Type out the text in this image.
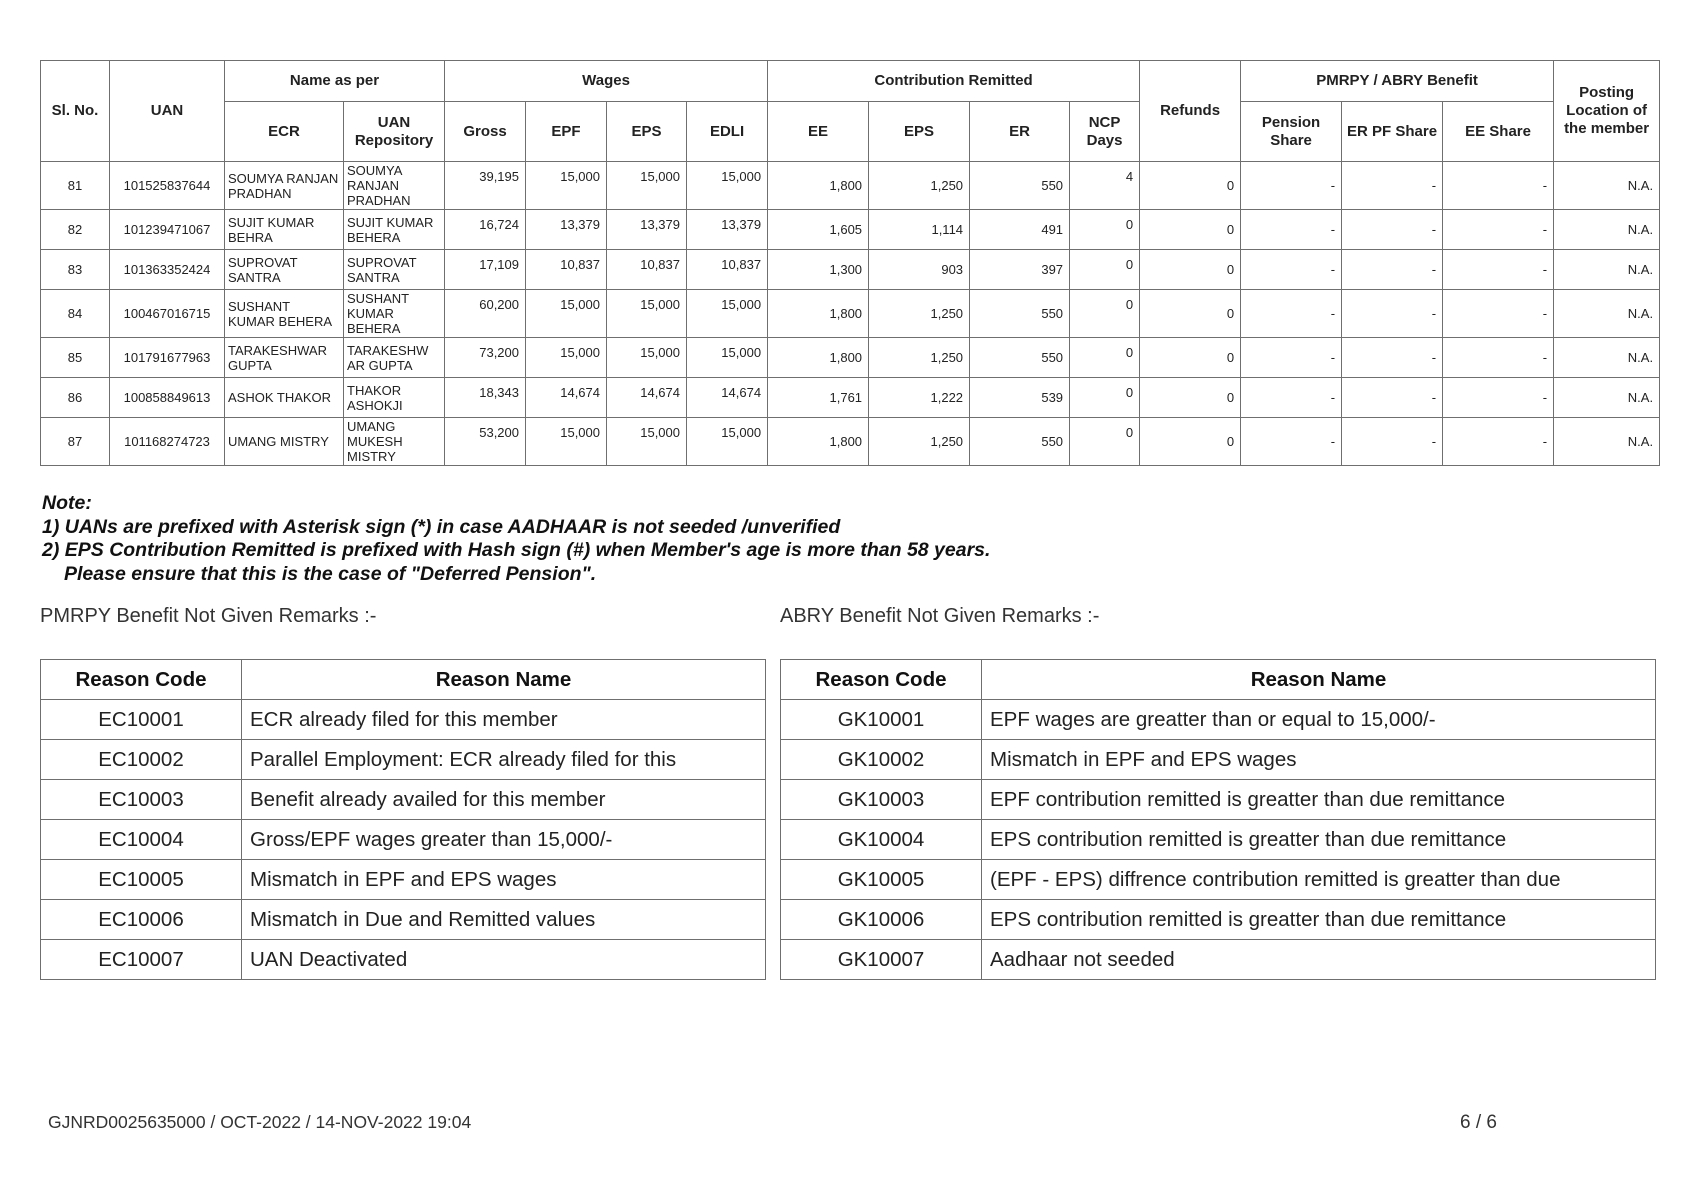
Sl. No.	UAN	Name as per		Wages				Contribution Remitted				Refunds	PMRPY / ABRY Benefit			Posting Location of the member
		ECR	UAN Repository	Gross	EPF	EPS	EDLI	EE	EPS	ER	NCP Days		Pension Share	ER PF Share	EE Share	
81	101525837644	SOUMYA RANJAN PRADHAN	SOUMYA RANJAN PRADHAN	39,195	15,000	15,000	15,000	1,800	1,250	550	4	0	-	-	-	N.A.
82	101239471067	SUJIT KUMAR BEHRA	SUJIT KUMAR BEHERA	16,724	13,379	13,379	13,379	1,605	1,114	491	0	0	-	-	-	N.A.
83	101363352424	SUPROVAT SANTRA	SUPROVAT SANTRA	17,109	10,837	10,837	10,837	1,300	903	397	0	0	-	-	-	N.A.
84	100467016715	SUSHANT KUMAR BEHERA	SUSHANT KUMAR BEHERA	60,200	15,000	15,000	15,000	1,800	1,250	550	0	0	-	-	-	N.A.
85	101791677963	TARAKESHWAR GUPTA	TARAKESHW AR GUPTA	73,200	15,000	15,000	15,000	1,800	1,250	550	0	0	-	-	-	N.A.
86	100858849613	ASHOK THAKOR	THAKOR ASHOKJI	18,343	14,674	14,674	14,674	1,761	1,222	539	0	0	-	-	-	N.A.
87	101168274723	UMANG MISTRY	UMANG MUKESH MISTRY	53,200	15,000	15,000	15,000	1,800	1,250	550	0	0	-	-	-	N.A.
Note:
1) UANs are prefixed with Asterisk sign (*) in case AADHAAR is not seeded /unverified
2) EPS Contribution Remitted is prefixed with Hash sign (#) when Member's age is more than 58 years.
Please ensure that this is the case of "Deferred Pension".
PMRPY Benefit Not Given Remarks :-	ABRY Benefit Not Given Remarks :-
Reason Code	Reason Name
EC10001	ECR already filed for this member
EC10002	Parallel Employment: ECR already filed for this
EC10003	Benefit already availed for this member
EC10004	Gross/EPF wages greater than 15,000/-
EC10005	Mismatch in EPF and EPS wages
EC10006	Mismatch in Due and Remitted values
EC10007	UAN Deactivated
Reason Code	Reason Name
GK10001	EPF wages are greatter than or equal to 15,000/-
GK10002	Mismatch in EPF and EPS wages
GK10003	EPF contribution remitted is greatter than due remittance
GK10004	EPS contribution remitted is greatter than due remittance
GK10005	(EPF - EPS) diffrence contribution remitted is greatter than due
GK10006	EPS contribution remitted is greatter than due remittance
GK10007	Aadhaar not seeded
GJNRD0025635000 / OCT-2022 / 14-NOV-2022 19:04	6 / 6
